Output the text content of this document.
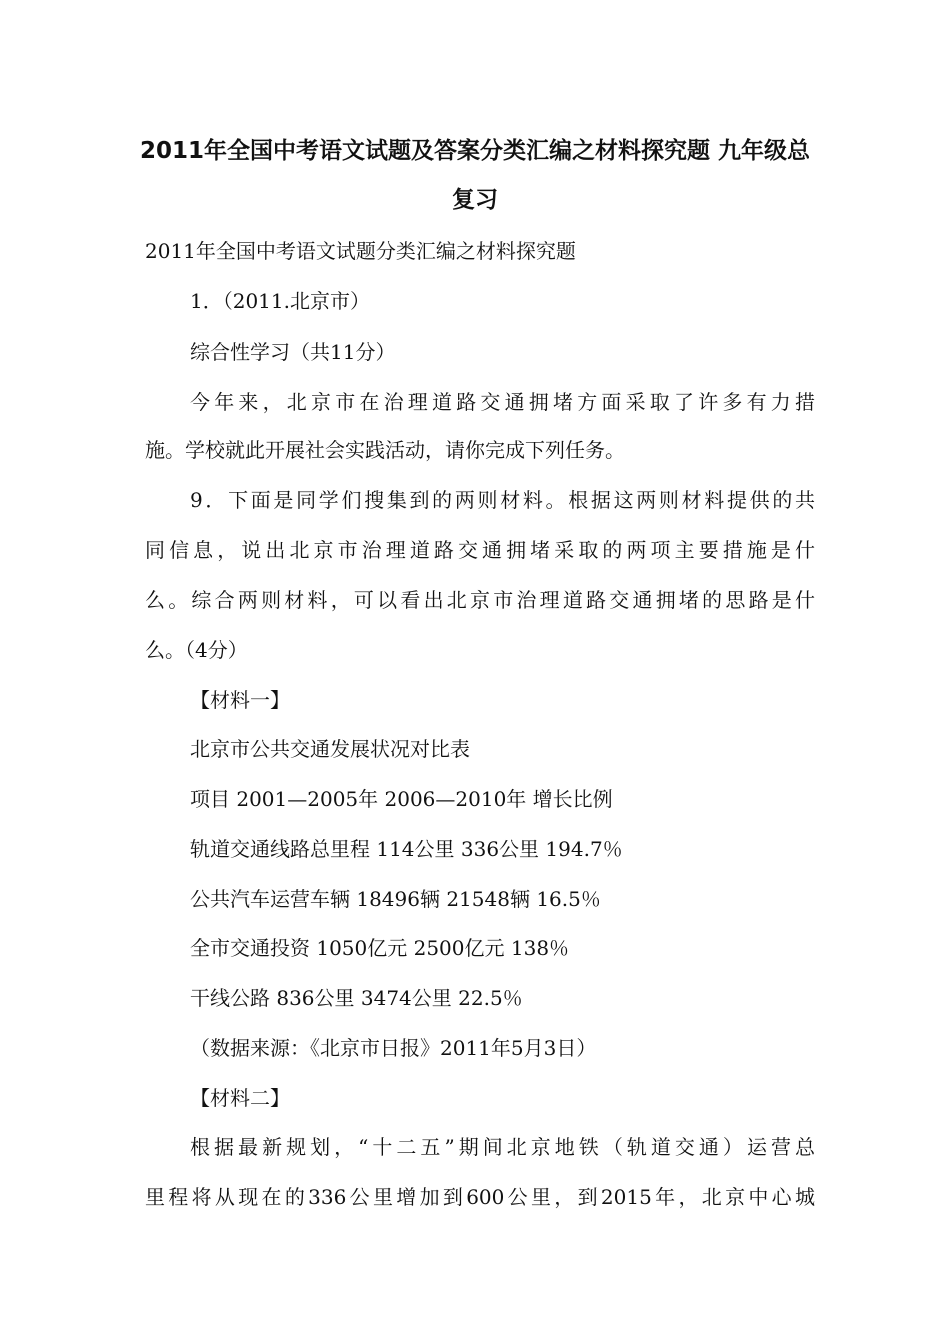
2011年全国中考语文试题及答案分类汇编之材料探究题 九年级总
复习

2011年全国中考语文试题分类汇编之材料探究题

1．（2011.北京市）

综合性学习（共11分）

今年来，北京市在治理道路交通拥堵方面采取了许多有力措

施。学校就此开展社会实践活动，请你完成下列任务。

9．下面是同学们搜集到的两则材料。根据这两则材料提供的共

同信息，说出北京市治理道路交通拥堵采取的两项主要措施是什

么。综合两则材料，可以看出北京市治理道路交通拥堵的思路是什

么。（4分）

【材料一】

北京市公共交通发展状况对比表

项目 2001—2005年 2006—2010年 增长比例

轨道交通线路总里程 114公里 336公里 194.7％

公共汽车运营车辆 18496辆 21548辆 16.5％

全市交通投资 1050亿元 2500亿元 138％

干线公路 836公里 3474公里 22.5％

（数据来源：《北京市日报》2011年5月3日）

【材料二】

根据最新规划，“十二五”期间北京地铁（轨道交通）运营总

里程将从现在的336公里增加到600公里，到2015年，北京中心城
